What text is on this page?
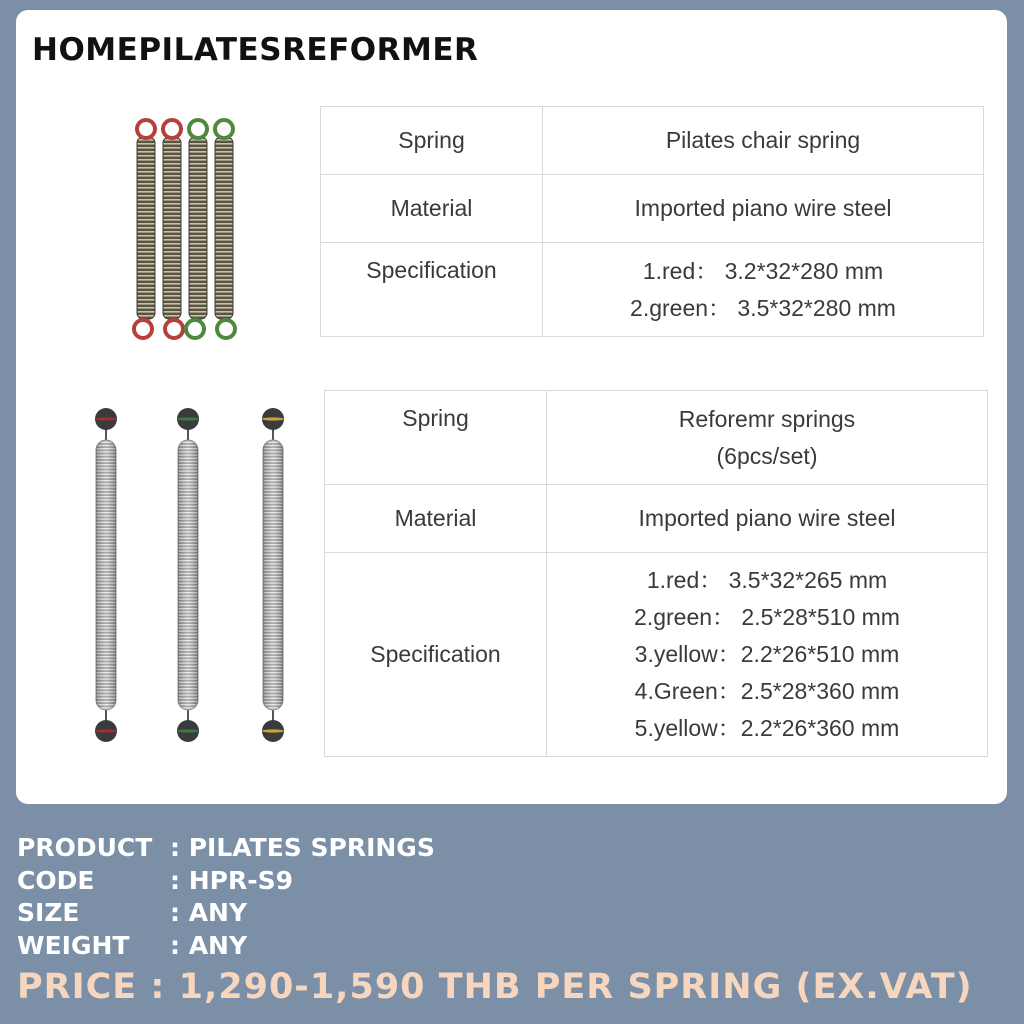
HOMEPILATESREFORMER
Spring	Pilates chair spring

Material	Imported piano wire steel

Specification	1.red： 3.2*32*280 mm
2.green： 3.5*32*280 mm
Spring	Reforemr springs
(6pcs/set)

Material	Imported piano wire steel

Specification	1.red： 3.5*32*265 mm
2.green： 2.5*28*510 mm
3.yellow：2.2*26*510 mm
4.Green：2.5*28*360 mm
5.yellow：2.2*26*360 mm
PRODUCT : PILATES SPRINGS
CODE	: HPR-S9
SIZE	: ANY
WEIGHT	: ANY
PRICE : 1,290-1,590 THB PER SPRING (EX.VAT)
